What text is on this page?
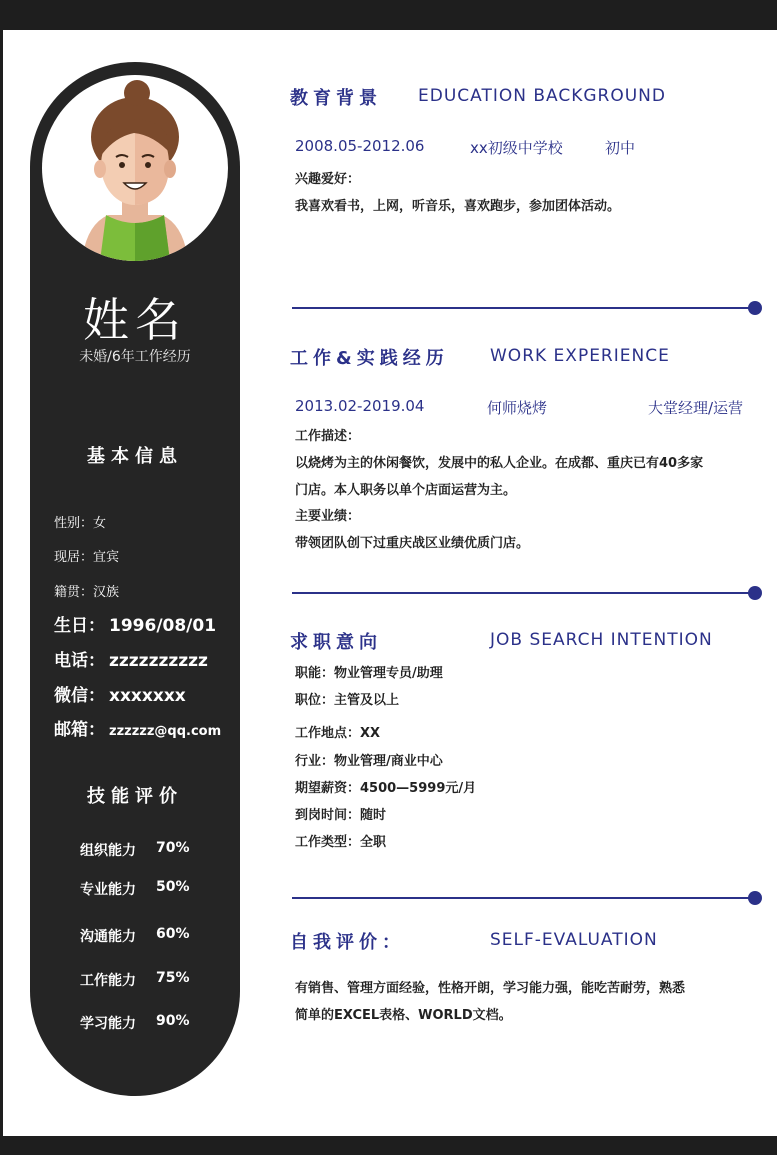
姓名
未婚/6年工作经历
基本信息
性别：女
现居：宜宾
籍贯：汉族
生日： 1996/08/01
电话： zzzzzzzzzz
微信： xxxxxxx
邮箱： zzzzzz@qq.com
技能评价
组织能力 70%
专业能力 50%
沟通能力 60%
工作能力 75%
学习能力 90%
教育背景 EDUCATION BACKGROUND
2008.05-2012.06	xx初级中学校	初中
兴趣爱好：
我喜欢看书，上网，听音乐，喜欢跑步，参加团体活动。
工作&实践经历 WORK EXPERIENCE
2013.02-2019.04	何师烧烤	大堂经理/运营
工作描述：
以烧烤为主的休闲餐饮，发展中的私人企业。在成都、重庆已有40多家
门店。本人职务以单个店面运营为主。
主要业绩：
带领团队创下过重庆战区业绩优质门店。
求职意向	JOB SEARCH INTENTION
职能：物业管理专员/助理
职位：主管及以上
工作地点：XX
行业：物业管理/商业中心
期望薪资：4500—5999元/月
到岗时间：随时
工作类型：全职
自我评价：	SELF-EVALUATION
有销售、管理方面经验，性格开朗，学习能力强，能吃苦耐劳，熟悉
简单的EXCEL表格、WORLD文档。
